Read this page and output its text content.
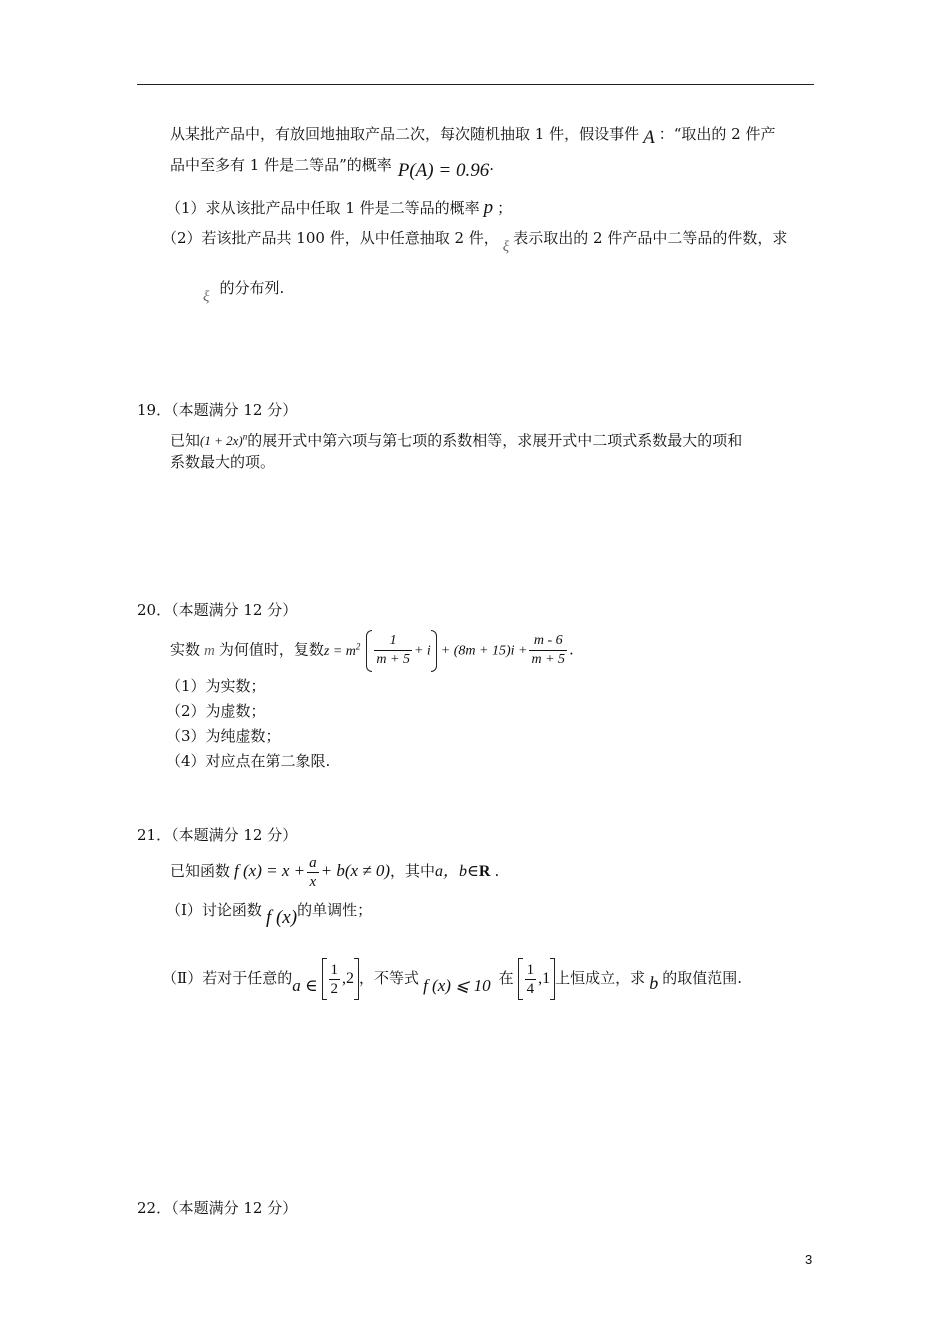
从某批产品中，有放回地抽取产品二次，每次随机抽取 1 件，假设事件 A ：“取出的 2 件产
品中至多有 1 件是二等品”的概率 P(A) = 0.96.
（1）求从该批产品中任取 1 件是二等品的概率 p ；
（2）若该批产品共 100 件，从中任意抽取 2 件， ξ 表示取出的 2 件产品中二等品的件数，求
ξ 的分布列.
19．（本题满分 12 分）
已知$(1 + 2x)^n$的展开式中第六项与第七项的系数相等，求展开式中二项式系数最大的项和
系数最大的项。
20．（本题满分 12 分）
实数 m 为何值时，复数$z = m^2 \frac{1}{m + 5} + i + (8m + 15)i + \frac{m - 6}{m + 5}$ .
（1）为实数；
（2）为虚数；
（3）为纯虚数；
（4）对应点在第二象限.
21．（本题满分 12 分）
已知函数 f $(x) = x + \frac{a}{x} + b(x \ne 0)$，其中a，b∈R .
（Ⅰ）讨论函数 f (x)的单调性；
（Ⅱ）若对于任意的a ∈ $\frac{1}{2} ,2$ ，不等式 f (x) ⩽ 10 在 $\frac{1}{4} ,1$ 上恒成立，求 b 的取值范围.
22．（本题满分 12 分）
3
